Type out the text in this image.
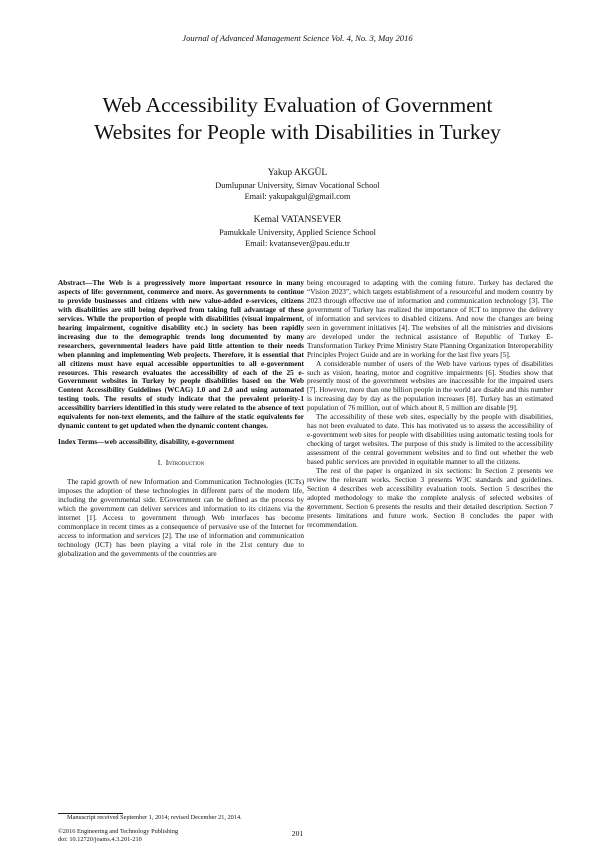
Journal of Advanced Management Science Vol. 4, No. 3, May 2016
Web Accessibility Evaluation of Government
Websites for People with Disabilities in Turkey
Yakup AKGÜL
Dumlupınar University, Simav Vocational School
Email: yakupakgul@gmail.com
Kemal VATANSEVER
Pamukkale University, Applied Science School
Email: kvatansever@pau.edu.tr

Abstract—The Web is a progressively more important resource in many aspects of life: government, commerce and more. As governments to continue to provide businesses and citizens with new value-added e-services, citizens with disabilities are still being deprived from taking full advantage of these services. While the proportion of people with disabilities (visual impairment, hearing impairment, cognitive disability etc.) in society has been rapidly increasing due to the demographic trends long documented by many researchers, governmental leaders have paid little attention to their needs when planning and implementing Web projects. Therefore, it is essential that all citizens must have equal accessible opportunities to all e-government resources. This research evaluates the accessibility of each of the 25 e-Government websites in Turkey by people disabilities based on the Web Content Accessibility Guidelines (WCAG) 1.0 and 2.0 and using automated testing tools. The results of study indicate that the prevalent priority-1 accessibility barriers identified in this study were related to the absence of text equivalents for non-text elements, and the failure of the static equivalents for dynamic content to get updated when the dynamic content changes.

Index Terms—web accessibility, disability, e-government

I. Introduction

The rapid growth of new Information and Communication Technologies (ICTs) imposes the adoption of these technologies in different parts of the modern life, including the governmental side. EGovernment can be defined as the process by which the government can deliver services and information to its citizens via the internet [1]. Access to government through Web interfaces has become commonplace in recent times as a consequence of pervasive use of the Internet for access to information and services [2]. The use of information and communication technology (ICT) has been playing a vital role in the 21st century due to globalization and the governments of the countries are

being encouraged to adapting with the coming future. Turkey has declared the “Vision 2023”, which targets establishment of a resourceful and modern country by 2023 through effective use of information and communication technology [3]. The government of Turkey has realized the importance of ICT to improve the delivery of information and services to disabled citizens. And now the changes are being seen in government initiatives [4]. The websites of all the ministries and divisions are developed under the technical assistance of Republic of Turkey E-Transformation Turkey Prime Ministry State Planning Organization Interoperability Principles Project Guide and are in working for the last five years [5].

A considerable number of users of the Web have various types of disabilities such as vision, hearing, motor and cognitive impairments [6]. Studies show that presently most of the government websites are inaccessible for the impaired users [7]. However, more than one billion people in the world are disable and this number is increasing day by day as the population increases [8]. Turkey has an estimated population of 76 million, out of which about 8, 5 million are disable [9].

The accessibility of these web sites, especially by the people with disabilities, has not been evaluated to date. This has motivated us to assess the accessibility of e-government web sites for people with disabilities using automatic testing tools for checking of target websites. The purpose of this study is limited to the accessibility assessment of the central government websites and to find out whether the web based public services are provided in equitable manner to all the citizens.

The rest of the paper is organized in six sections: In Section 2 presents we review the relevant works. Section 3 presents W3C standards and guidelines. Section 4 describes web accessibility evaluation tools. Section 5 describes the adopted methodology to make the complete analysis of selected websites of government. Section 6 presents the results and their detailed description. Section 7 presents limitations and future work. Section 8 concludes the paper with recommendation.

Manuscript received September 1, 2014; revised December 21, 2014.
©2016 Engineering and Technology Publishing
doi: 10.12720/joams.4.3.201-210
201
